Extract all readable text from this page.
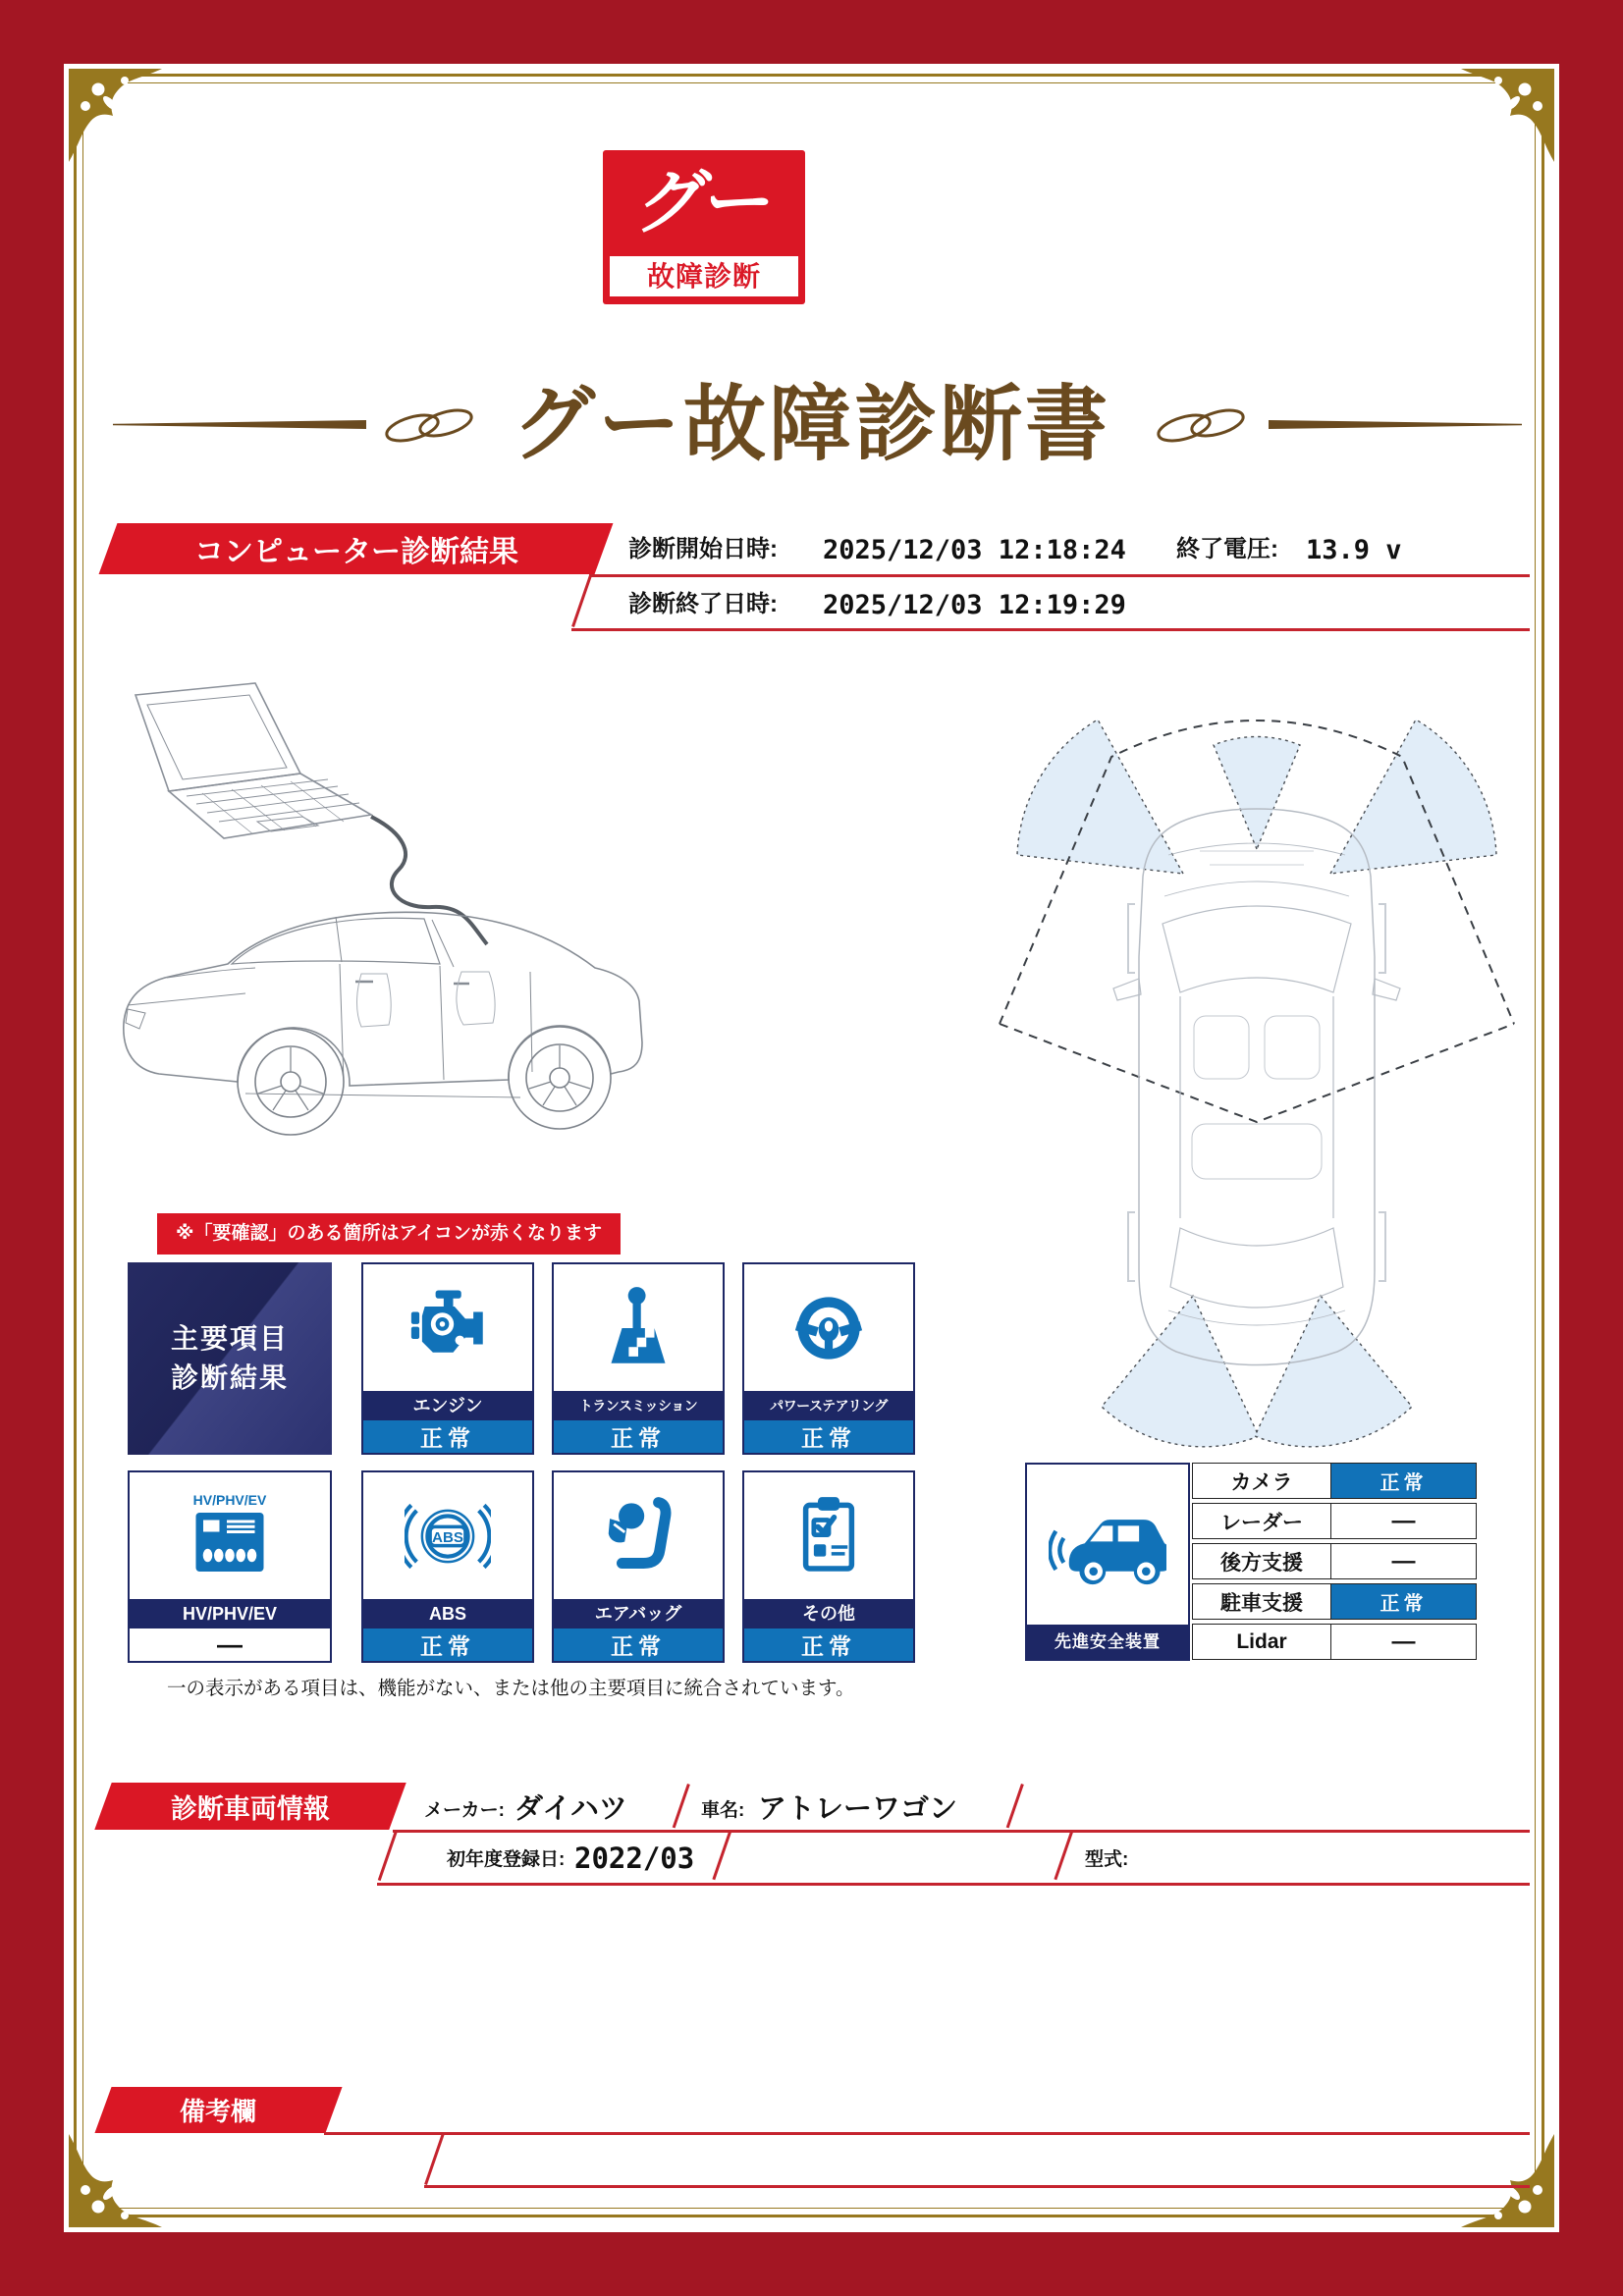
グー
故障診断
グー故障診断書
コンピューター診断結果	診断開始日時: 2025/12/03 12:18:24 終了電圧: 13.9 v
診断終了日時: 2025/12/03 12:19:29
※「要確認」のある箇所はアイコンが赤くなります
主要項目
診断結果
エンジン
正常
トランスミッション
正常
パワーステアリング
正常
HV/PHV/EV
HV/PHV/EV
—
ABS
ABS
正常
エアバッグ
正常
その他
正常
一の表示がある項目は、機能がない、または他の主要項目に統合されています。
先進安全装置
カメラ	正常
レーダー	—
後方支援	—
駐車支援	正常
Lidar	—
診断車両情報	メーカー: ダイハツ	車名: アトレーワゴン
初年度登録日: 2022/03	型式:
備考欄
